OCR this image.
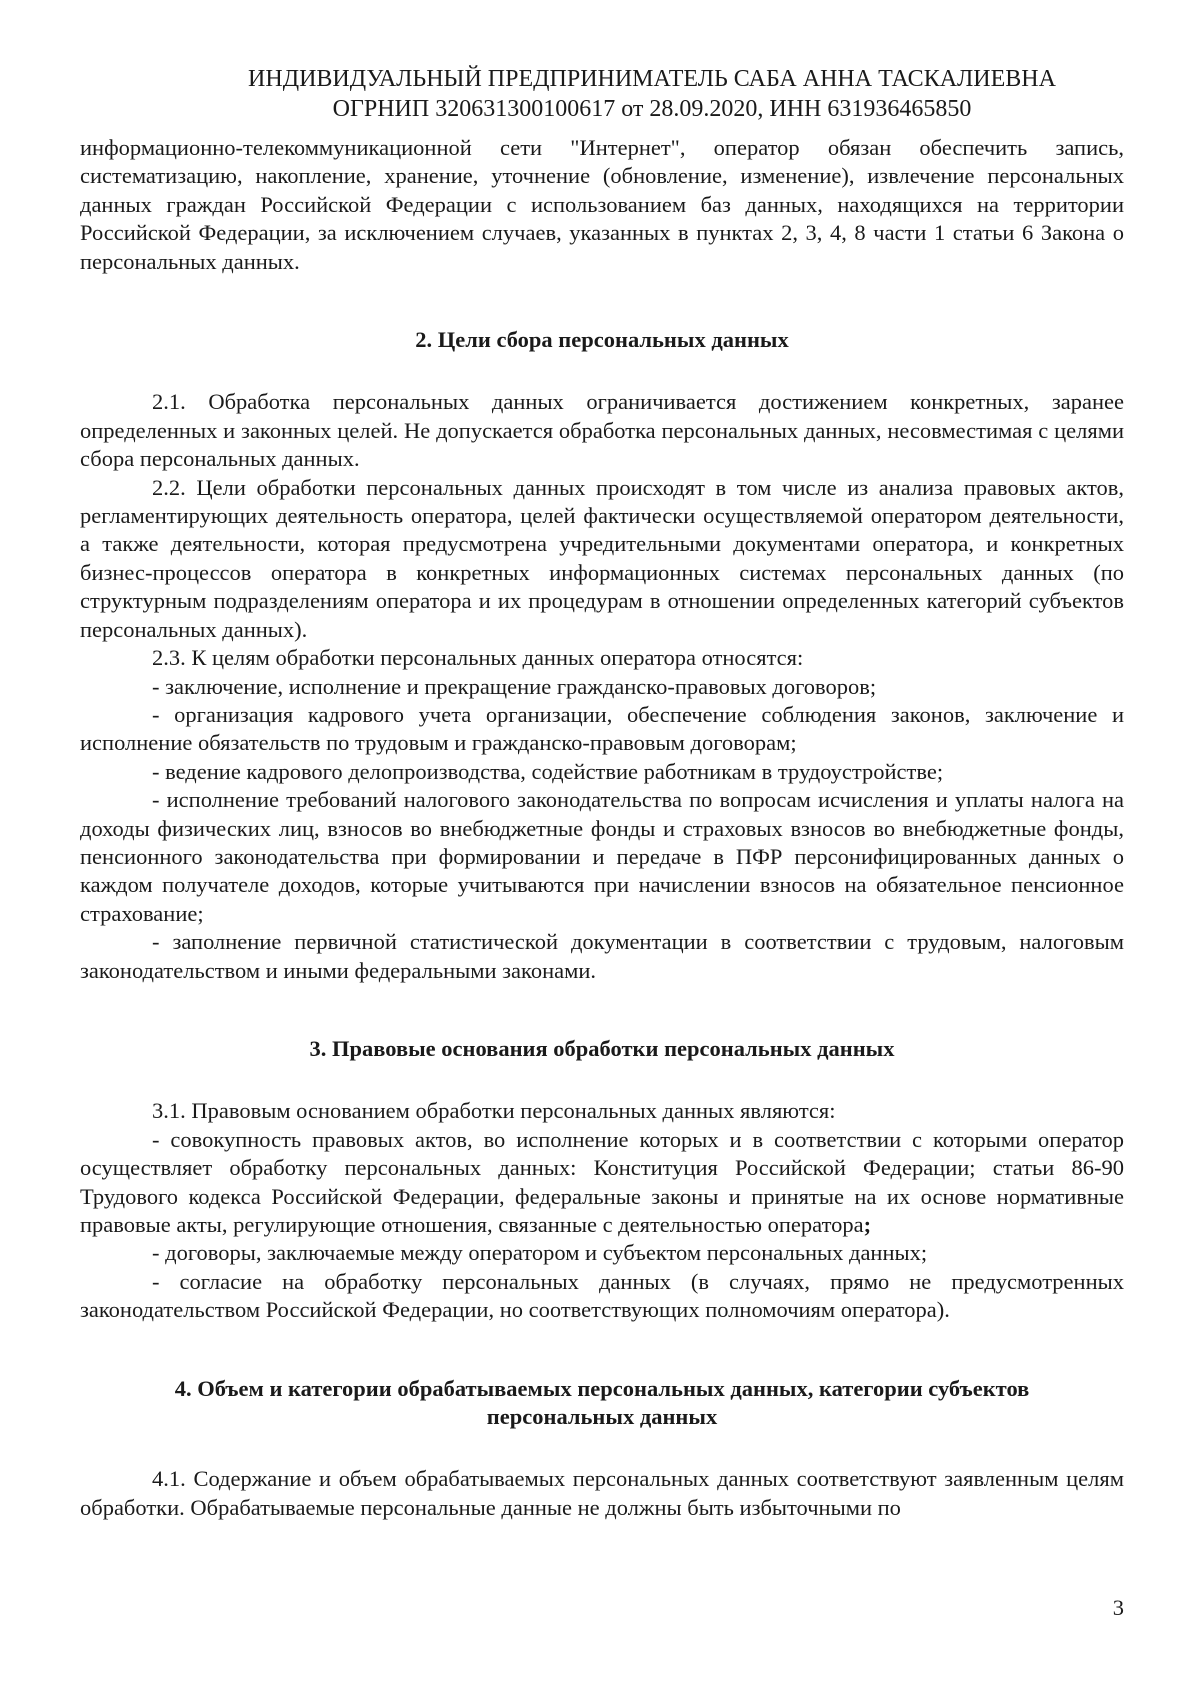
ИНДИВИДУАЛЬНЫЙ ПРЕДПРИНИМАТЕЛЬ САБА АННА ТАСКАЛИЕВНА
ОГРНИП 320631300100617 от 28.09.2020, ИНН 631936465850

информационно-телекоммуникационной сети "Интернет", оператор обязан обеспечить запись, систематизацию, накопление, хранение, уточнение (обновление, изменение), извлечение персональных данных граждан Российской Федерации с использованием баз данных, находящихся на территории Российской Федерации, за исключением случаев, указанных в пунктах 2, 3, 4, 8 части 1 статьи 6 Закона о персональных данных.

2. Цели сбора персональных данных

2.1. Обработка персональных данных ограничивается достижением конкретных, заранее определенных и законных целей. Не допускается обработка персональных данных, несовместимая с целями сбора персональных данных.

2.2. Цели обработки персональных данных происходят в том числе из анализа правовых актов, регламентирующих деятельность оператора, целей фактически осуществляемой оператором деятельности, а также деятельности, которая предусмотрена учредительными документами оператора, и конкретных бизнес-процессов оператора в конкретных информационных системах персональных данных (по структурным подразделениям оператора и их процедурам в отношении определенных категорий субъектов персональных данных).

2.3. К целям обработки персональных данных оператора относятся:

- заключение, исполнение и прекращение гражданско-правовых договоров;

- организация кадрового учета организации, обеспечение соблюдения законов, заключение и исполнение обязательств по трудовым и гражданско-правовым договорам;

- ведение кадрового делопроизводства, содействие работникам в трудоустройстве;

- исполнение требований налогового законодательства по вопросам исчисления и уплаты налога на доходы физических лиц, взносов во внебюджетные фонды и страховых взносов во внебюджетные фонды, пенсионного законодательства при формировании и передаче в ПФР персонифицированных данных о каждом получателе доходов, которые учитываются при начислении взносов на обязательное пенсионное страхование;

- заполнение первичной статистической документации в соответствии с трудовым, налоговым законодательством и иными федеральными законами.

3. Правовые основания обработки персональных данных

3.1. Правовым основанием обработки персональных данных являются:

- совокупность правовых актов, во исполнение которых и в соответствии с которыми оператор осуществляет обработку персональных данных: Конституция Российской Федерации; статьи 86-90 Трудового кодекса Российской Федерации, федеральные законы и принятые на их основе нормативные правовые акты, регулирующие отношения, связанные с деятельностью оператора;

- договоры, заключаемые между оператором и субъектом персональных данных;

- согласие на обработку персональных данных (в случаях, прямо не предусмотренных законодательством Российской Федерации, но соответствующих полномочиям оператора).

4. Объем и категории обрабатываемых персональных данных, категории субъектов
персональных данных

4.1. Содержание и объем обрабатываемых персональных данных соответствуют заявленным целям обработки. Обрабатываемые персональные данные не должны быть избыточными по

3
